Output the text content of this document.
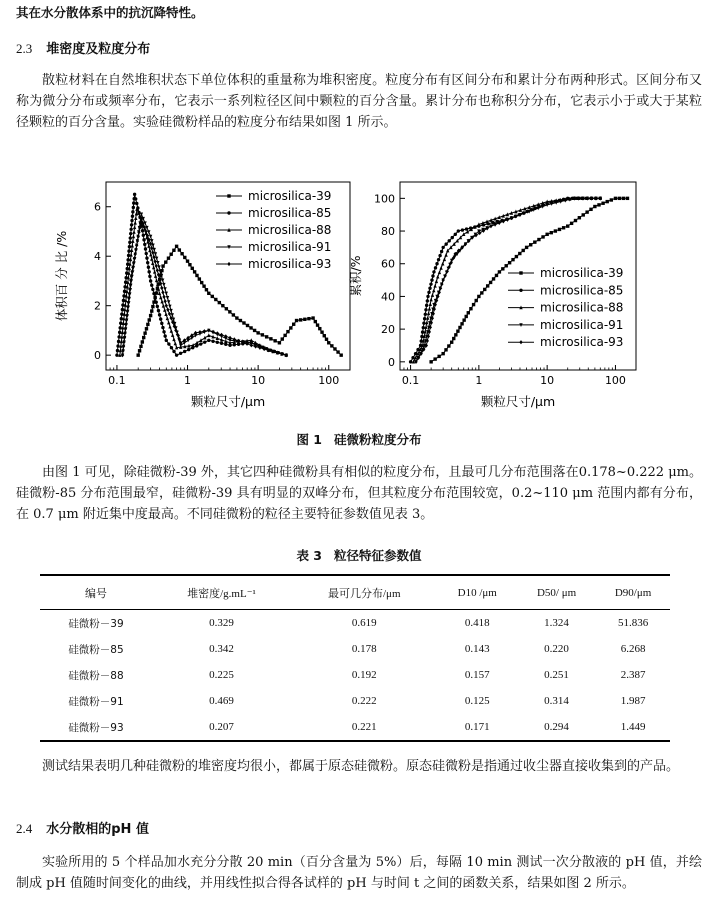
其在水分散体系中的抗沉降特性。

2.3 堆密度及粒度分布

散粒材料在自然堆积状态下单位体积的重量称为堆积密度。粒度分布有区间分布和累计分布两种形式。区间分布又称为微分分布或频率分布，它表示一系列粒径区间中颗粒的百分含量。累计分布也称积分分布，它表示小于或大于某粒径颗粒的百分含量。实验硅微粉样品的粒度分布结果如图 1 所示。

0.1	1	10	100
0
2
4
6
颗粒尺寸/μm
体积百 分 比 /%
microsilica-39
microsilica-85
microsilica-88
microsilica-91
microsilica-93
0.1	1	10	100
0
20
40
60
80
100
颗粒尺寸/μm
累积/%	microsilica-39
microsilica-85
microsilica-88
microsilica-91
microsilica-93

图 1 硅微粉粒度分布

由图 1 可见，除硅微粉-39 外，其它四种硅微粉具有相似的粒度分布，且最可几分布范围落在0.178~0.222 μm。硅微粉-85 分布范围最窄，硅微粉-39 具有明显的双峰分布，但其粒度分布范围较宽，0.2~110 μm 范围内都有分布，在 0.7 μm 附近集中度最高。不同硅微粉的粒径主要特征参数值见表 3。

表 3 粒径特征参数值

编号	堆密度/g.mL⁻¹	最可几分布/μm	D10 /μm	D50/ μm	D90/μm
硅微粉－39	0.329	0.619	0.418	1.324	51.836
硅微粉－85	0.342	0.178	0.143	0.220	6.268
硅微粉－88	0.225	0.192	0.157	0.251	2.387
硅微粉－91	0.469	0.222	0.125	0.314	1.987
硅微粉－93	0.207	0.221	0.171	0.294	1.449

测试结果表明几种硅微粉的堆密度均很小，都属于原态硅微粉。原态硅微粉是指通过收尘器直接收集到的产品。

2.4 水分散相的pH 值

实验所用的 5 个样品加水充分分散 20 min（百分含量为 5%）后，每隔 10 min 测试一次分散液的 pH 值，并绘制成 pH 值随时间变化的曲线，并用线性拟合得各试样的 pH 与时间 t 之间的函数关系，结果如图 2 所示。
